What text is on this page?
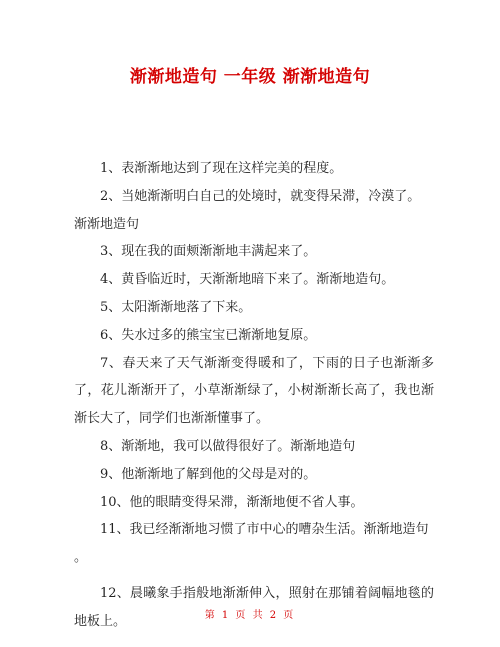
渐渐地造句 一年级 渐渐地造句

1、表渐渐地达到了现在这样完美的程度。

2、当她渐渐明白自己的处境时，就变得呆滞，冷漠了。

渐渐地造句

3、现在我的面颊渐渐地丰满起来了。

4、黄昏临近时，天渐渐地暗下来了。渐渐地造句。

5、太阳渐渐地落了下来。

6、失水过多的熊宝宝已渐渐地复原。

7、春天来了天气渐渐变得暖和了，下雨的日子也渐渐多了，花儿渐渐开了，小草渐渐绿了，小树渐渐长高了，我也渐渐长大了，同学们也渐渐懂事了。

8、渐渐地，我可以做得很好了。渐渐地造句

9、他渐渐地了解到他的父母是对的。

10、他的眼睛变得呆滞，渐渐地便不省人事。

11、我已经渐渐地习惯了市中心的嘈杂生活。渐渐地造句

。

12、晨曦象手指般地渐渐伸入，照射在那铺着阔幅地毯的地板上。	第 1 页 共 2 页
